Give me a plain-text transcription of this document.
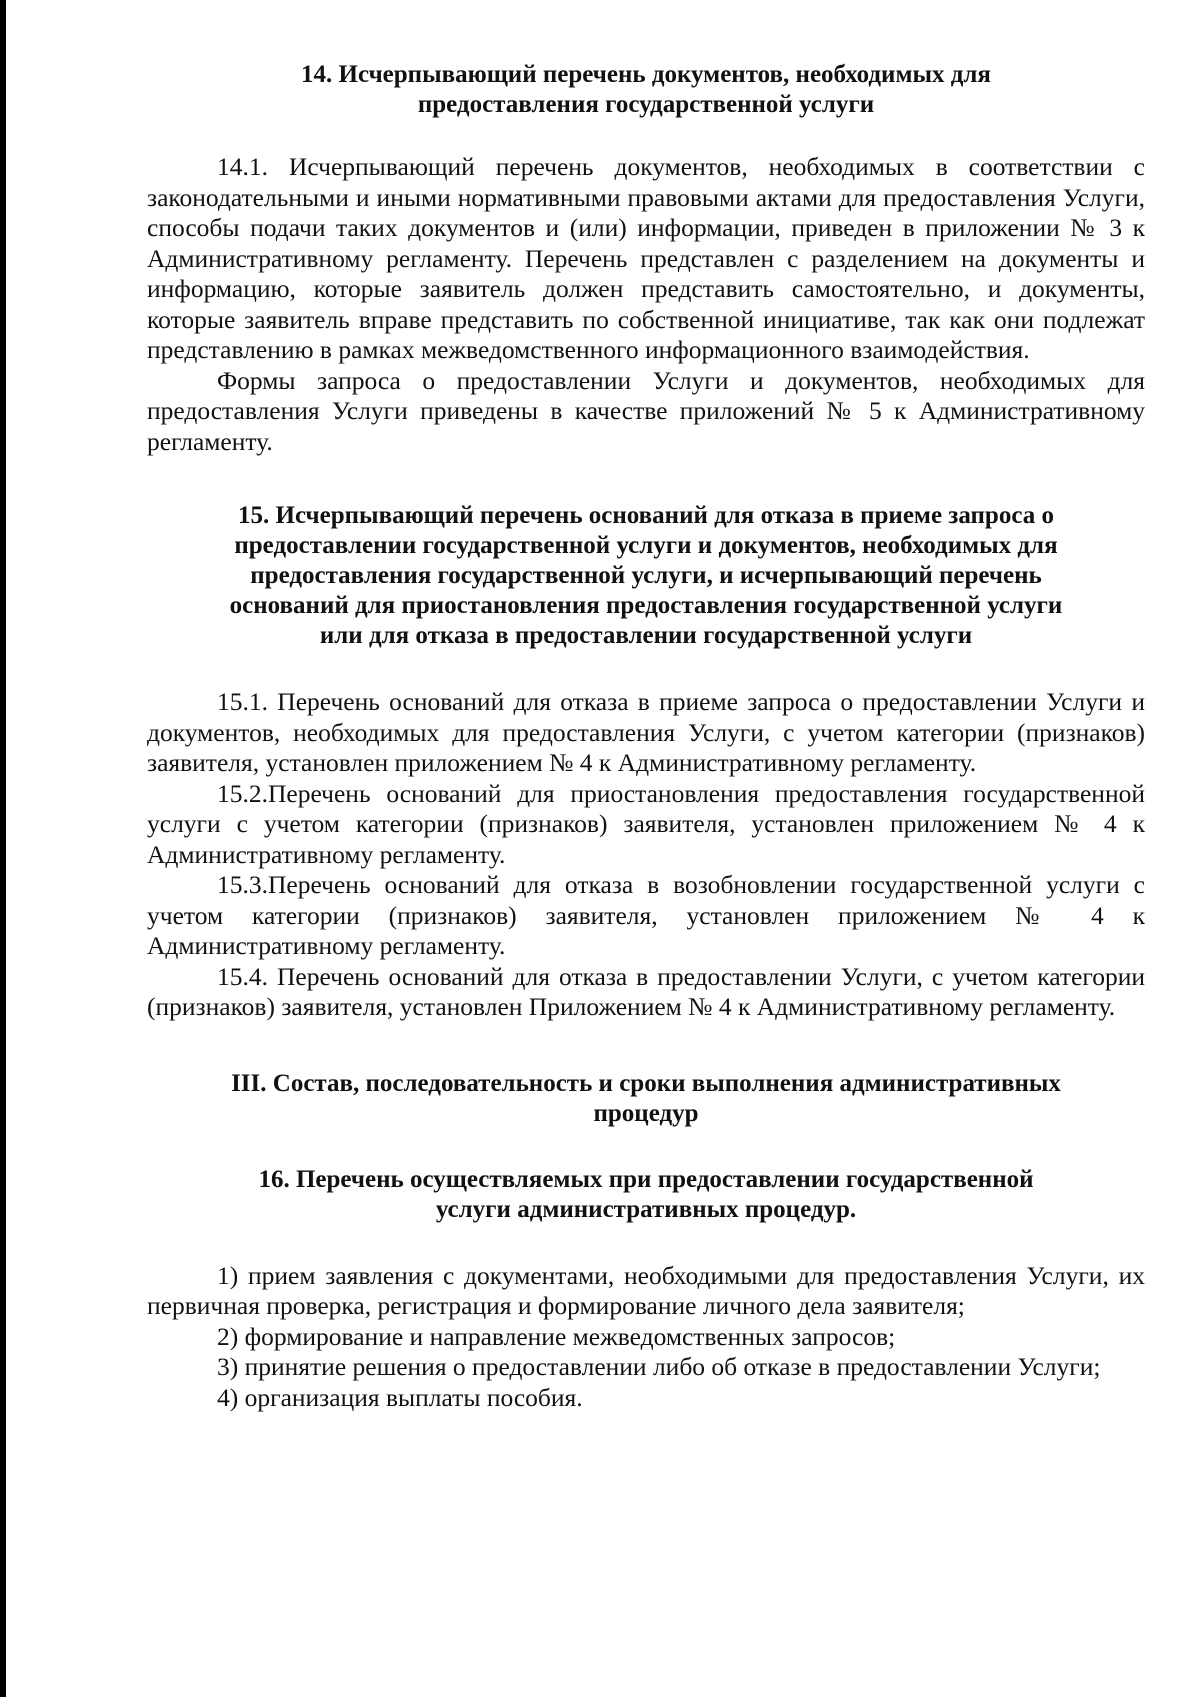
14. Исчерпывающий перечень документов, необходимых для
предоставления государственной услуги

14.1. Исчерпывающий перечень документов, необходимых в соответствии с законодательными и иными нормативными правовыми актами для предоставления Услуги, способы подачи таких документов и (или) информации, приведен в приложении № 3 к Административному регламенту. Перечень представлен с разделением на документы и информацию, которые заявитель должен представить самостоятельно, и документы, которые заявитель вправе представить по собственной инициативе, так как они подлежат представлению в рамках межведомственного информационного взаимодействия.

Формы запроса о предоставлении Услуги и документов, необходимых для предоставления Услуги приведены в качестве приложений № 5 к Административному регламенту.

15. Исчерпывающий перечень оснований для отказа в приеме запроса о
предоставлении государственной услуги и документов, необходимых для
предоставления государственной услуги, и исчерпывающий перечень
оснований для приостановления предоставления государственной услуги
или для отказа в предоставлении государственной услуги

15.1. Перечень оснований для отказа в приеме запроса о предоставлении Услуги и документов, необходимых для предоставления Услуги, с учетом категории (признаков) заявителя, установлен приложением № 4 к Административному регламенту.

15.2.Перечень оснований для приостановления предоставления государственной услуги с учетом категории (признаков) заявителя, установлен приложением № 4 к Административному регламенту.

15.3.Перечень оснований для отказа в возобновлении государственной услуги с учетом категории (признаков) заявителя, установлен приложением № 4 к Административному регламенту.

15.4. Перечень оснований для отказа в предоставлении Услуги, с учетом категории (признаков) заявителя, установлен Приложением № 4 к Административному регламенту.

III. Состав, последовательность и сроки выполнения административных
процедур
16. Перечень осуществляемых при предоставлении государственной
услуги административных процедур.

1) прием заявления с документами, необходимыми для предоставления Услуги, их первичная проверка, регистрация и формирование личного дела заявителя;

2) формирование и направление межведомственных запросов;

3) принятие решения о предоставлении либо об отказе в предоставлении Услуги;

4) организация выплаты пособия.
